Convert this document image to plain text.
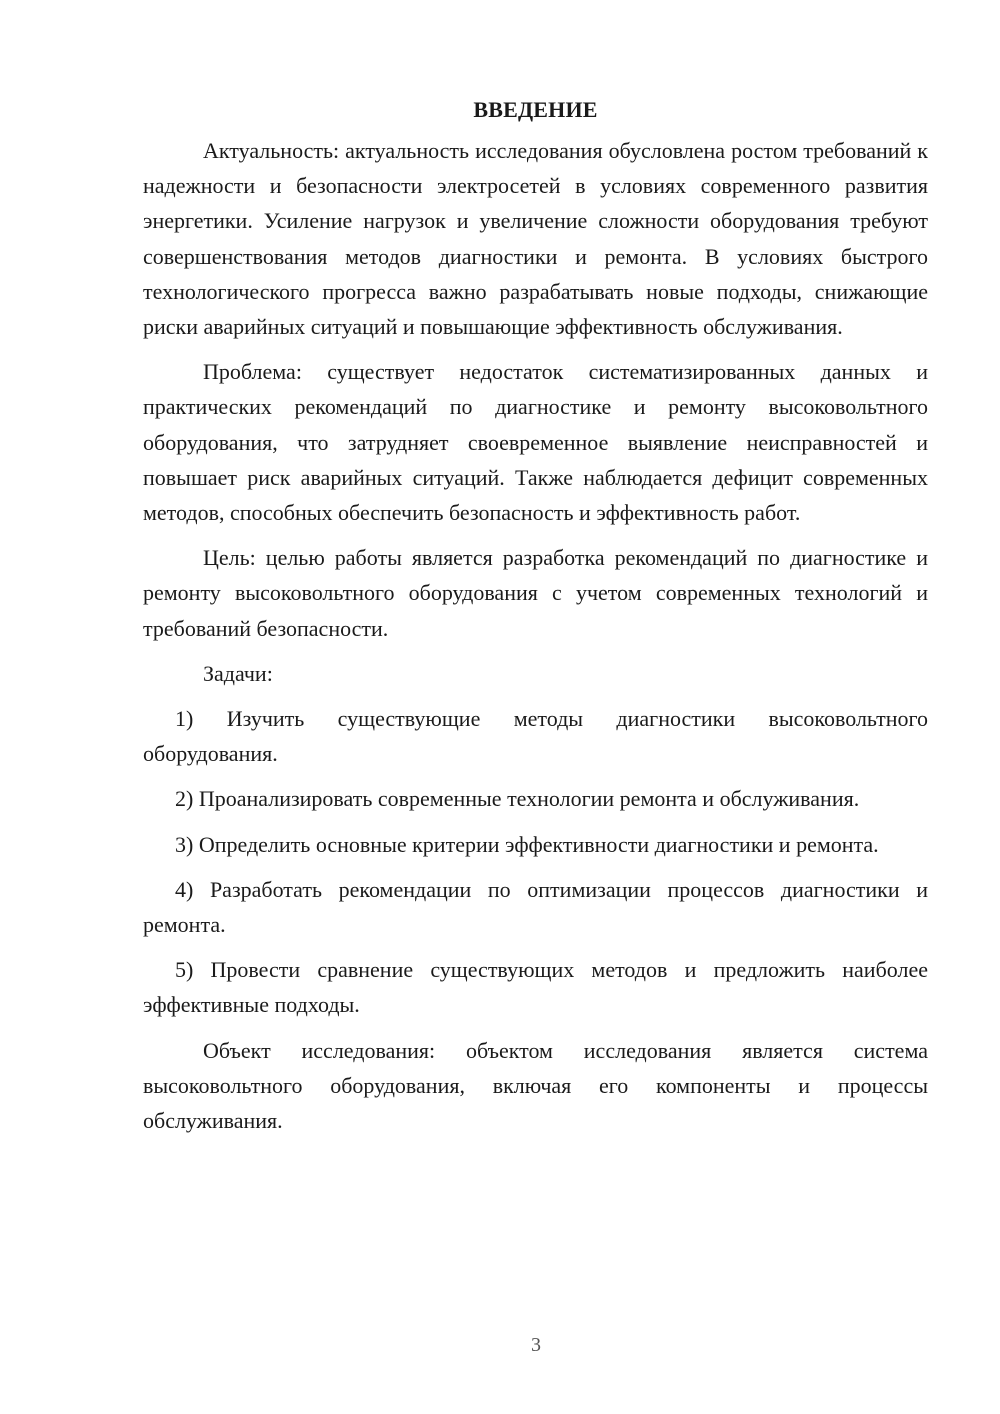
ВВЕДЕНИЕ

Актуальность: актуальность исследования обусловлена ростом требований к надежности и безопасности электросетей в условиях современного развития энергетики. Усиление нагрузок и увеличение сложности оборудования требуют совершенствования методов диагностики и ремонта. В условиях быстрого технологического прогресса важно разрабатывать новые подходы, снижающие риски аварийных ситуаций и повышающие эффективность обслуживания.

Проблема: существует недостаток систематизированных данных и практических рекомендаций по диагностике и ремонту высоковольтного оборудования, что затрудняет своевременное выявление неисправностей и повышает риск аварийных ситуаций. Также наблюдается дефицит современных методов, способных обеспечить безопасность и эффективность работ.

Цель: целью работы является разработка рекомендаций по диагностике и ремонту высоковольтного оборудования с учетом современных технологий и требований безопасности.

Задачи:

1) Изучить существующие методы диагностики высоковольтного оборудования.

2) Проанализировать современные технологии ремонта и обслуживания.

3) Определить основные критерии эффективности диагностики и ремонта.

4) Разработать рекомендации по оптимизации процессов диагностики и ремонта.

5) Провести сравнение существующих методов и предложить наиболее эффективные подходы.

Объект исследования: объектом исследования является система высоковольтного оборудования, включая его компоненты и процессы обслуживания.

3
